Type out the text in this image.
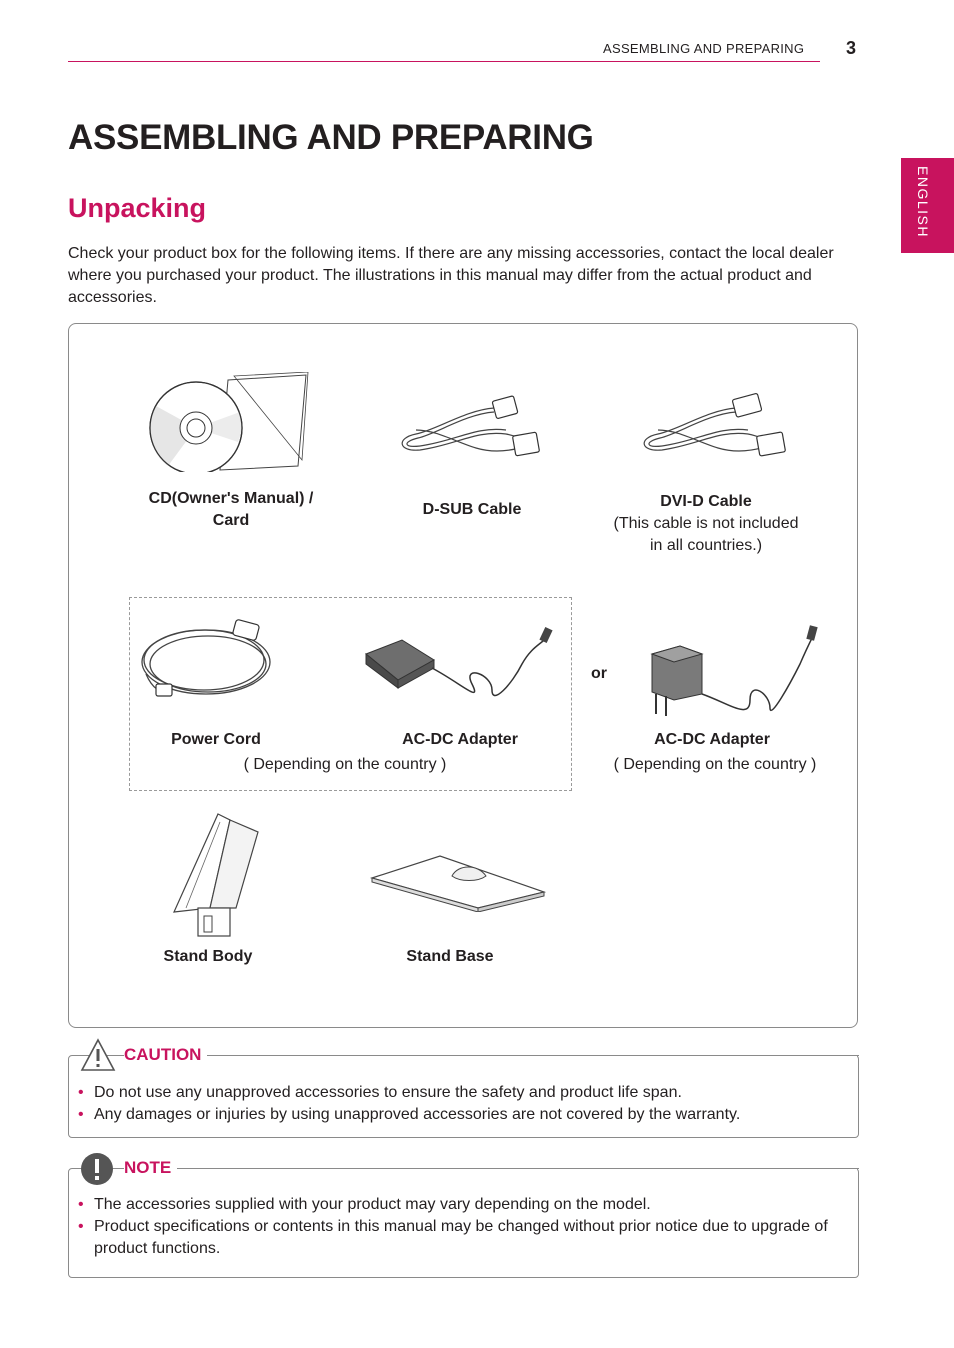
ASSEMBLING AND PREPARING 3
ENGLISH
ASSEMBLING AND PREPARING
Unpacking
Check your product box for the following items. If there are any missing accessories, contact the local dealer where you purchased your product. The illustrations in this manual may differ from the actual product and accessories.
CD(Owner's Manual) /
Card
D-SUB Cable	DVI-D Cable
(This cable is not included
in all countries.)
Power Cord	AC-DC Adapter
( Depending on the country )
or
AC-DC Adapter
( Depending on the country )
Stand Body	Stand Base
CAUTION
• Do not use any unapproved accessories to ensure the safety and product life span.
• Any damages or injuries by using unapproved accessories are not covered by the warranty.
NOTE
• The accessories supplied with your product may vary depending on the model.
• Product specifications or contents in this manual may be changed without prior notice due to upgrade of product functions.
